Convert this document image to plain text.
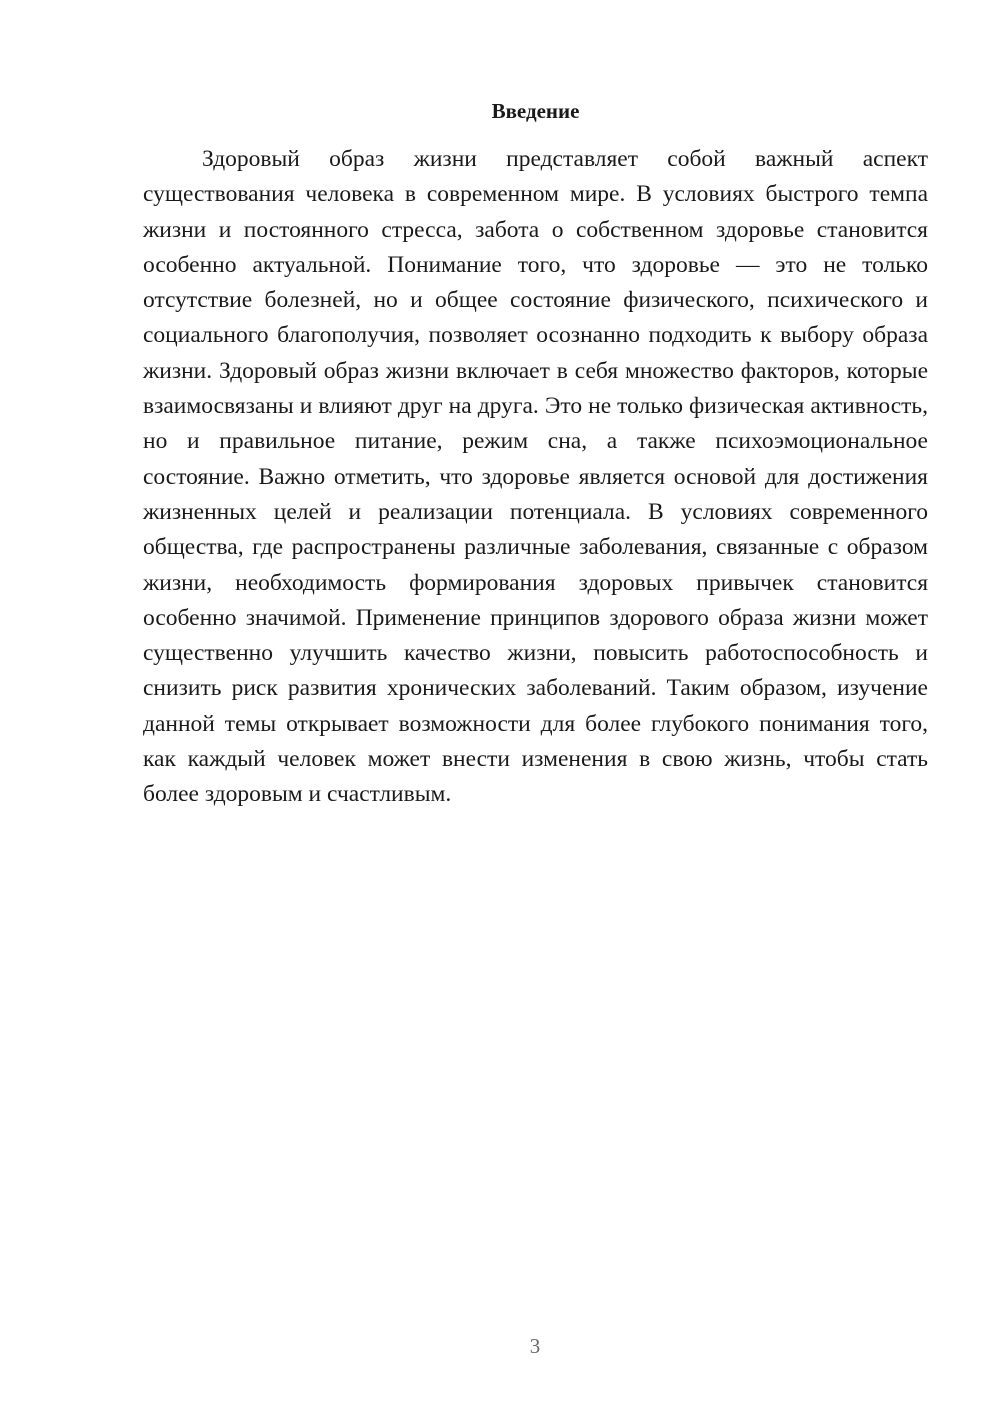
Введение

Здоровый образ жизни представляет собой важный аспект существования человека в современном мире. В условиях быстрого темпа жизни и постоянного стресса, забота о собственном здоровье становится особенно актуальной. Понимание того, что здоровье — это не только отсутствие болезней, но и общее состояние физического, психического и социального благополучия, позволяет осознанно подходить к выбору образа жизни. Здоровый образ жизни включает в себя множество факторов, которые взаимосвязаны и влияют друг на друга. Это не только физическая активность, но и правильное питание, режим сна, а также психоэмоциональное состояние. Важно отметить, что здоровье является основой для достижения жизненных целей и реализации потенциала. В условиях современного общества, где распространены различные заболевания, связанные с образом жизни, необходимость формирования здоровых привычек становится особенно значимой. Применение принципов здорового образа жизни может существенно улучшить качество жизни, повысить работоспособность и снизить риск развития хронических заболеваний. Таким образом, изучение данной темы открывает возможности для более глубокого понимания того, как каждый человек может внести изменения в свою жизнь, чтобы стать более здоровым и счастливым.

3
